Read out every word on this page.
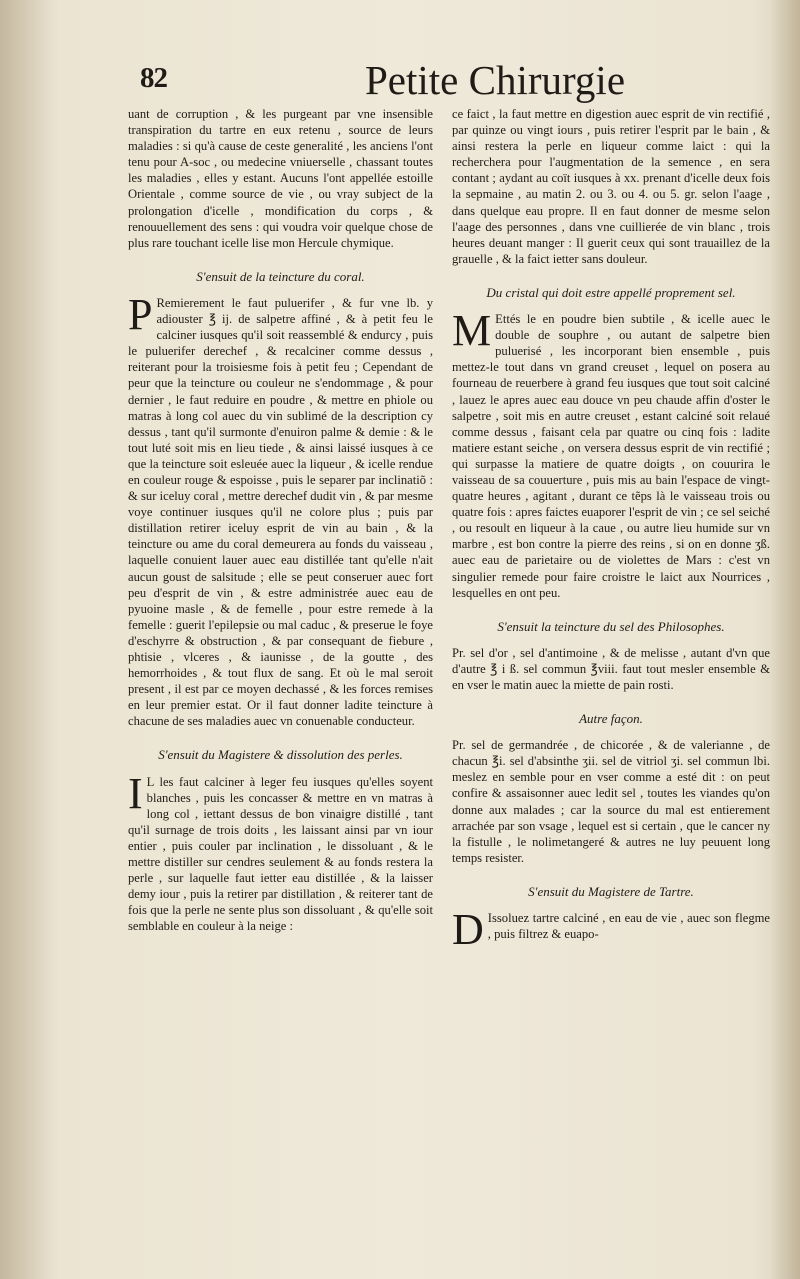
82	Petite Chirurgie

uant de corruption , & les purgeant par vne insensible transpiration du tartre en eux retenu , source de leurs maladies : si qu'à cause de ceste generalité , les anciens l'ont tenu pour A-soc , ou medecine vniuerselle , chassant toutes les maladies , elles y estant. Aucuns l'ont appellée estoille Orientale , comme source de vie , ou vray subject de la prolongation d'icelle , mondification du corps , & renouuellement des sens : qui voudra voir quelque chose de plus rare touchant icelle lise mon Hercule chymique.

S'ensuit de la teincture du coral.

P Remierement le faut puluerifer , & fur vne lb. y adiouster ℥ ij. de salpetre affiné , & à petit feu le calciner iusques qu'il soit reassemblé & endurcy , puis le puluerifer derechef , & recalciner comme dessus , reiterant pour la troisiesme fois à petit feu ; Cependant de peur que la teincture ou couleur ne s'endommage , & pour dernier , le faut reduire en poudre , & mettre en phiole ou matras à long col auec du vin sublimé de la description cy dessus , tant qu'il surmonte d'enuiron palme & demie : & le tout luté soit mis en lieu tiede , & ainsi laissé iusques à ce que la teincture soit esleuée auec la liqueur , & icelle rendue en couleur rouge & espoisse , puis le separer par inclinatiõ : & sur iceluy coral , mettre derechef dudit vin , & par mesme voye continuer iusques qu'il ne colore plus ; puis par distillation retirer iceluy esprit de vin au bain , & la teincture ou ame du coral demeurera au fonds du vaisseau , laquelle conuient lauer auec eau distillée tant qu'elle n'ait aucun goust de salsitude ; elle se peut conseruer auec fort peu d'esprit de vin , & estre administrée auec eau de pyuoine masle , & de femelle , pour estre remede à la femelle : guerit l'epilepsie ou mal caduc , & preserue le foye d'eschyrre & obstruction , & par consequant de fiebure , phtisie , vlceres , & iaunisse , de la goutte , des hemorrhoides , & tout flux de sang. Et où le mal seroit present , il est par ce moyen dechassé , & les forces remises en leur premier estat. Or il faut donner ladite teincture à chacune de ses maladies auec vn conuenable conducteur.

S'ensuit du Magistere & dissolution des perles.

I L les faut calciner à leger feu iusques qu'elles soyent blanches , puis les concasser & mettre en vn matras à long col , iettant dessus de bon vinaigre distillé , tant qu'il surnage de trois doits , les laissant ainsi par vn iour entier , puis couler par inclination , le dissoluant , & le mettre distiller sur cendres seulement & au fonds restera la perle , sur laquelle faut ietter eau distillée , & la laisser demy iour , puis la retirer par distillation , & reiterer tant de fois que la perle ne sente plus son dissoluant , & qu'elle soit semblable en couleur à la neige :

ce faict , la faut mettre en digestion auec esprit de vin rectifié , par quinze ou vingt iours , puis retirer l'esprit par le bain , & ainsi restera la perle en liqueur comme laict : qui la recherchera pour l'augmentation de la semence , en sera contant ; aydant au coït iusques à xx. prenant d'icelle deux fois la sepmaine , au matin 2. ou 3. ou 4. ou 5. gr. selon l'aage , dans quelque eau propre. Il en faut donner de mesme selon l'aage des personnes , dans vne cuillierée de vin blanc , trois heures deuant manger : Il guerit ceux qui sont trauaillez de la grauelle , & la faict ietter sans douleur.

Du cristal qui doit estre appellé proprement sel.

M Ettés le en poudre bien subtile , & icelle auec le double de souphre , ou autant de salpetre bien puluerisé , les incorporant bien ensemble , puis mettez-le tout dans vn grand creuset , lequel on posera au fourneau de reuerbere à grand feu iusques que tout soit calciné , lauez le apres auec eau douce vn peu chaude affin d'oster le salpetre , soit mis en autre creuset , estant calciné soit relaué comme dessus , faisant cela par quatre ou cinq fois : ladite matiere estant seiche , on versera dessus esprit de vin rectifié ; qui surpasse la matiere de quatre doigts , on couurira le vaisseau de sa couuerture , puis mis au bain l'espace de vingt-quatre heures , agitant , durant ce tẽps là le vaisseau trois ou quatre fois : apres faictes euaporer l'esprit de vin ; ce sel seiché , ou resoult en liqueur à la caue , ou autre lieu humide sur vn marbre , est bon contre la pierre des reins , si on en donne ʒß. auec eau de parietaire ou de violettes de Mars : c'est vn singulier remede pour faire croistre le laict aux Nourrices , lesquelles en ont peu.

S'ensuit la teincture du sel des Philosophes.

Pr. sel d'or , sel d'antimoine , & de melisse , autant d'vn que d'autre ℥ i ß. sel commun ℥viii. faut tout mesler ensemble & en vser le matin auec la miette de pain rosti.

Autre façon.

Pr. sel de germandrée , de chicorée , & de valerianne , de chacun ℥i. sel d'absinthe ʒii. sel de vitriol ʒi. sel commun lbi. meslez en semble pour en vser comme a esté dit : on peut confire & assaisonner auec ledit sel , toutes les viandes qu'on donne aux malades ; car la source du mal est entierement arrachée par son vsage , lequel est si certain , que le cancer ny la fistulle , le nolimetangeré & autres ne luy peuuent long temps resister.

S'ensuit du Magistere de Tartre.

D Issoluez tartre calciné , en eau de vie , auec son flegme , puis filtrez & euapo-
